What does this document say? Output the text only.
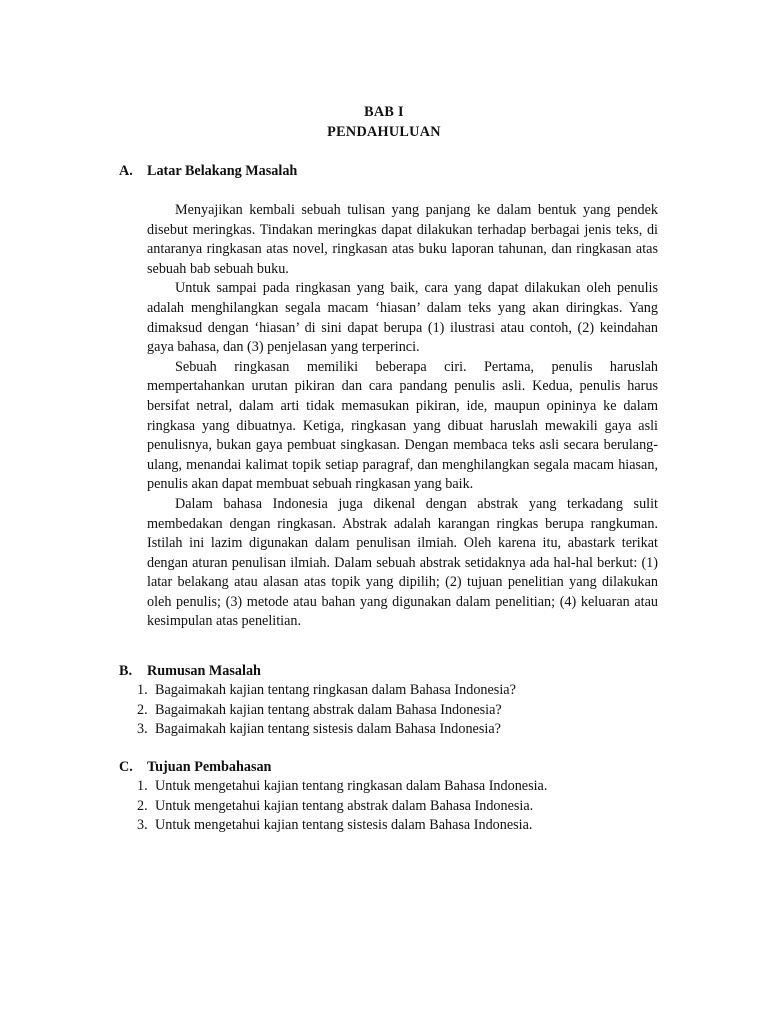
BAB I
PENDAHULUAN
A. Latar Belakang Masalah

Menyajikan kembali sebuah tulisan yang panjang ke dalam bentuk yang pendek disebut meringkas. Tindakan meringkas dapat dilakukan terhadap berbagai jenis teks, di antaranya ringkasan atas novel, ringkasan atas buku laporan tahunan, dan ringkasan atas sebuah bab sebuah buku.

Untuk sampai pada ringkasan yang baik, cara yang dapat dilakukan oleh penulis adalah menghilangkan segala macam ‘hiasan’ dalam teks yang akan diringkas. Yang dimaksud dengan ‘hiasan’ di sini dapat berupa (1) ilustrasi atau contoh, (2) keindahan gaya bahasa, dan (3) penjelasan yang terperinci.

Sebuah ringkasan memiliki beberapa ciri. Pertama, penulis haruslah mempertahankan urutan pikiran dan cara pandang penulis asli. Kedua, penulis harus bersifat netral, dalam arti tidak memasukan pikiran, ide, maupun opininya ke dalam ringkasa yang dibuatnya. Ketiga, ringkasan yang dibuat haruslah mewakili gaya asli penulisnya, bukan gaya pembuat singkasan. Dengan membaca teks asli secara berulang-ulang, menandai kalimat topik setiap paragraf, dan menghilangkan segala macam hiasan, penulis akan dapat membuat sebuah ringkasan yang baik.

Dalam bahasa Indonesia juga dikenal dengan abstrak yang terkadang sulit membedakan dengan ringkasan. Abstrak adalah karangan ringkas berupa rangkuman. Istilah ini lazim digunakan dalam penulisan ilmiah. Oleh karena itu, abastark terikat dengan aturan penulisan ilmiah. Dalam sebuah abstrak setidaknya ada hal-hal berkut: (1) latar belakang atau alasan atas topik yang dipilih; (2) tujuan penelitian yang dilakukan oleh penulis; (3) metode atau bahan yang digunakan dalam penelitian; (4) keluaran atau kesimpulan atas penelitian.

B. Rumusan Masalah
1. Bagaimakah kajian tentang ringkasan dalam Bahasa Indonesia?
2. Bagaimakah kajian tentang abstrak dalam Bahasa Indonesia?
3. Bagaimakah kajian tentang sistesis dalam Bahasa Indonesia?
C. Tujuan Pembahasan
1. Untuk mengetahui kajian tentang ringkasan dalam Bahasa Indonesia.
2. Untuk mengetahui kajian tentang abstrak dalam Bahasa Indonesia.
3. Untuk mengetahui kajian tentang sistesis dalam Bahasa Indonesia.
